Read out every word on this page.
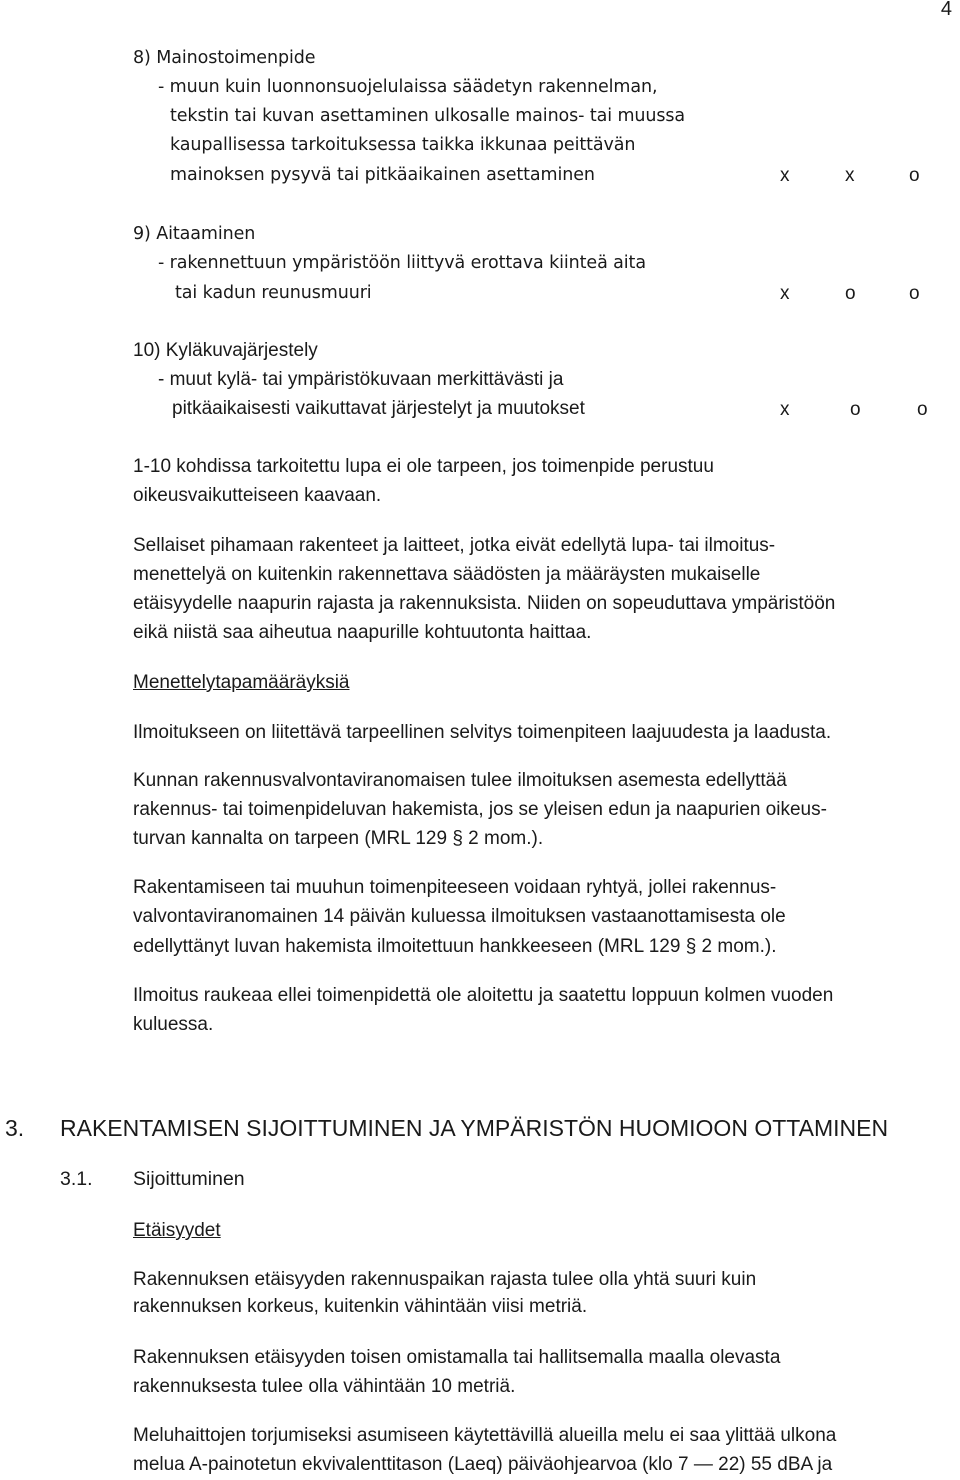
4
8) Mainostoimenpide
- muun kuin luonnonsuojelulaissa säädetyn rakennelman,
tekstin tai kuvan asettaminen ulkosalle mainos- tai muussa
kaupallisessa tarkoituksessa taikka ikkunaa peittävän
mainoksen pysyvä tai pitkäaikainen asettaminen	x	x	o
9) Aitaaminen
- rakennettuun ympäristöön liittyvä erottava kiinteä aita
tai kadun reunusmuuri	x	o	o
10) Kyläkuvajärjestely
- muut kylä- tai ympäristökuvaan merkittävästi ja
pitkäaikaisesti vaikuttavat järjestelyt ja muutokset	x	o	o
1-10 kohdissa tarkoitettu lupa ei ole tarpeen, jos toimenpide perustuu
oikeusvaikutteiseen kaavaan.
Sellaiset pihamaan rakenteet ja laitteet, jotka eivät edellytä lupa- tai ilmoitus-
menettelyä on kuitenkin rakennettava säädösten ja määräysten mukaiselle
etäisyydelle naapurin rajasta ja rakennuksista. Niiden on sopeuduttava ympäristöön
eikä niistä saa aiheutua naapurille kohtuutonta haittaa.
Menettelytapamääräyksiä
Ilmoitukseen on liitettävä tarpeellinen selvitys toimenpiteen laajuudesta ja laadusta.
Kunnan rakennusvalvontaviranomaisen tulee ilmoituksen asemesta edellyttää
rakennus- tai toimenpideluvan hakemista, jos se yleisen edun ja naapurien oikeus-
turvan kannalta on tarpeen (MRL 129 § 2 mom.).
Rakentamiseen tai muuhun toimenpiteeseen voidaan ryhtyä, jollei rakennus-
valvontaviranomainen 14 päivän kuluessa ilmoituksen vastaanottamisesta ole
edellyttänyt luvan hakemista ilmoitettuun hankkeeseen (MRL 129 § 2 mom.).
Ilmoitus raukeaa ellei toimenpidettä ole aloitettu ja saatettu loppuun kolmen vuoden
kuluessa.
3. RAKENTAMISEN SIJOITTUMINEN JA YMPÄRISTÖN HUOMIOON OTTAMINEN
3.1. Sijoittuminen
Etäisyydet
Rakennuksen etäisyyden rakennuspaikan rajasta tulee olla yhtä suuri kuin
rakennuksen korkeus, kuitenkin vähintään viisi metriä.
Rakennuksen etäisyyden toisen omistamalla tai hallitsemalla maalla olevasta
rakennuksesta tulee olla vähintään 10 metriä.
Meluhaittojen torjumiseksi asumiseen käytettävillä alueilla melu ei saa ylittää ulkona
melua A-painotetun ekvivalenttitason (Laeq) päiväohjearvoa (klo 7 — 22) 55 dBA ja
